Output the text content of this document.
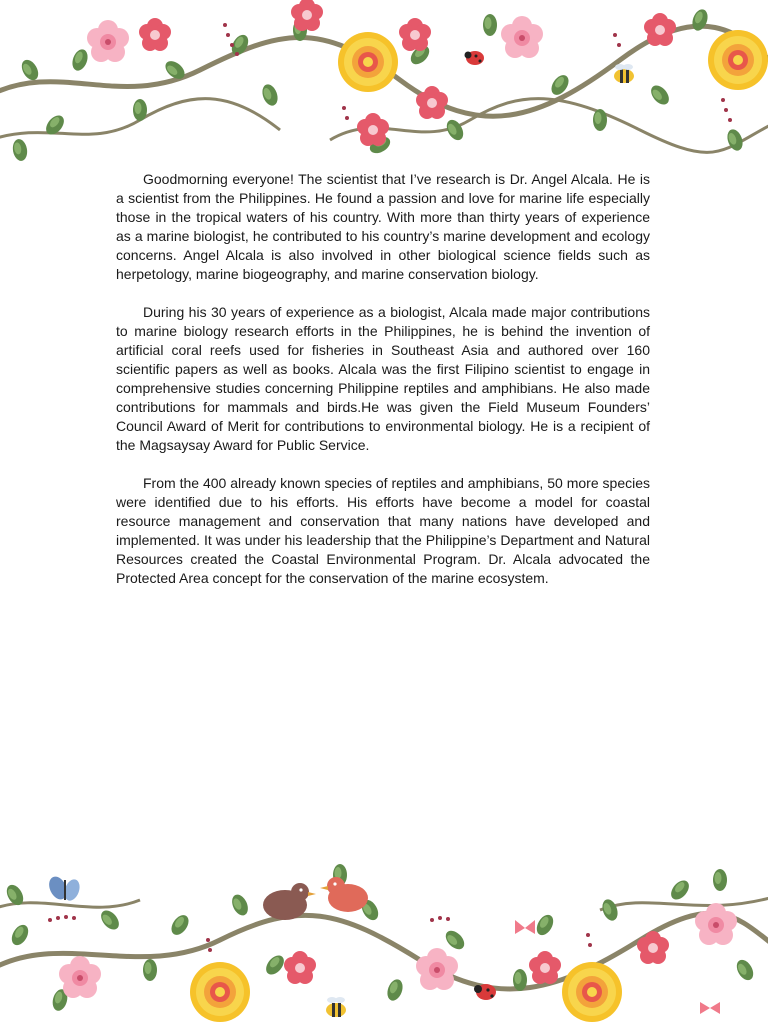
Goodmorning everyone! The scientist that I’ve research is Dr. Angel Alcala. He is a scientist from the Philippines. He found a passion and love for marine life especially those in the tropical waters of his country. With more than thirty years of experience as a marine biologist, he contributed to his country’s marine development and ecology concerns. Angel Alcala is also involved in other biological science fields such as herpetology, marine biogeography, and marine conservation biology.

During his 30 years of experience as a biologist, Alcala made major contributions to marine biology research efforts in the Philippines, he is behind the invention of artificial coral reefs used for fisheries in Southeast Asia and authored over 160 scientific papers as well as books. Alcala was the first Filipino scientist to engage in comprehensive studies concerning Philippine reptiles and amphibians. He also made contributions for mammals and birds.He was given the Field Museum Founders’ Council Award of Merit for contributions to environmental biology. He is a recipient of the Magsaysay Award for Public Service.

From the 400 already known species of reptiles and amphibians, 50 more species were identified due to his efforts. His efforts have become a model for coastal resource management and conservation that many nations have developed and implemented. It was under his leadership that the Philippine’s Department and Natural Resources created the Coastal Environmental Program. Dr. Alcala advocated the Protected Area concept for the conservation of the marine ecosystem.
